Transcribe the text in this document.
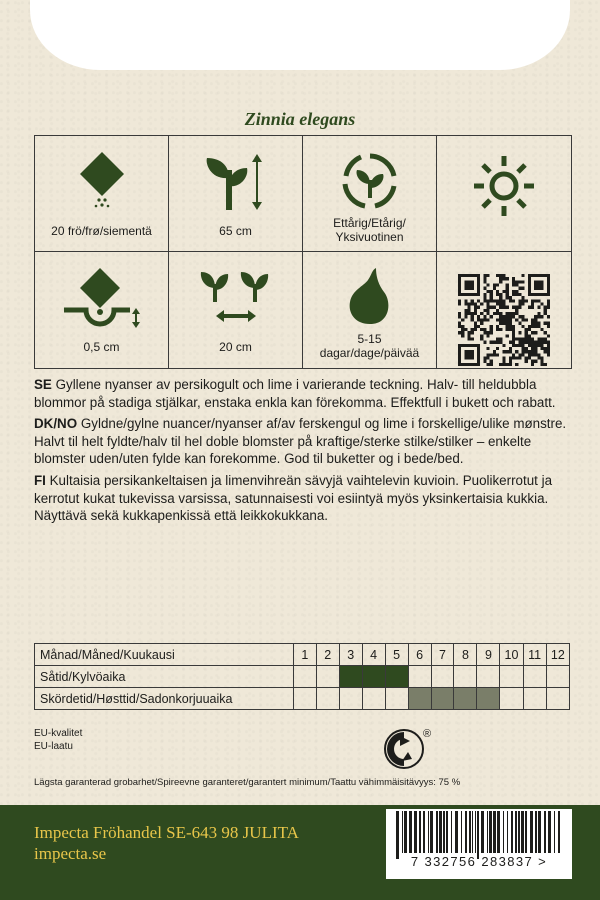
Zinnia elegans
20 frö/frø/siementä	65 cm
Ettårig/Etårig/
Yksivuotinen
0,5 cm	20 cm
5-15
dagar/dage/päivää

SE Gyllene nyanser av persikogult och lime i varierande teckning. Halv- till heldubbla blommor på stadiga stjälkar, enstaka enkla kan förekomma. Effektfull i bukett och rabatt.

DK/NO Gyldne/gylne nuancer/nyanser af/av ferskengul og lime i forskellige/ulike mønstre. Halvt til helt fyldte/halv til hel doble blomster på kraftige/sterke stilke/stilker – enkelte blomster uden/uten fylde kan forekomme. God til buketter og i bede/bed.

FI Kultaisia persikankeltaisen ja limenvihreän sävyjä vaihtelevin kuvioin. Puolikerrotut ja kerrotut kukat tukevissa varsissa, satunnaisesti voi esiintyä myös yksinkertaisia kukkia. Näyttävä sekä kukkapenkissä että leikkokukkana.

Månad/Måned/Kuukausi	1	2	3	4	5	6	7	8	9	10	11	12
Såtid/Kylvöaika												
Skördetid/Høsttid/Sadonkorjuuaika												
EU-kvalitet
EU-laatu
®
Lägsta garanterad grobarhet/Spireevne garanteret/garantert minimum/Taattu vähimmäisitävyys: 75 %
Impecta Fröhandel SE-643 98 JULITA
impecta.se	7 332756 283837 >
